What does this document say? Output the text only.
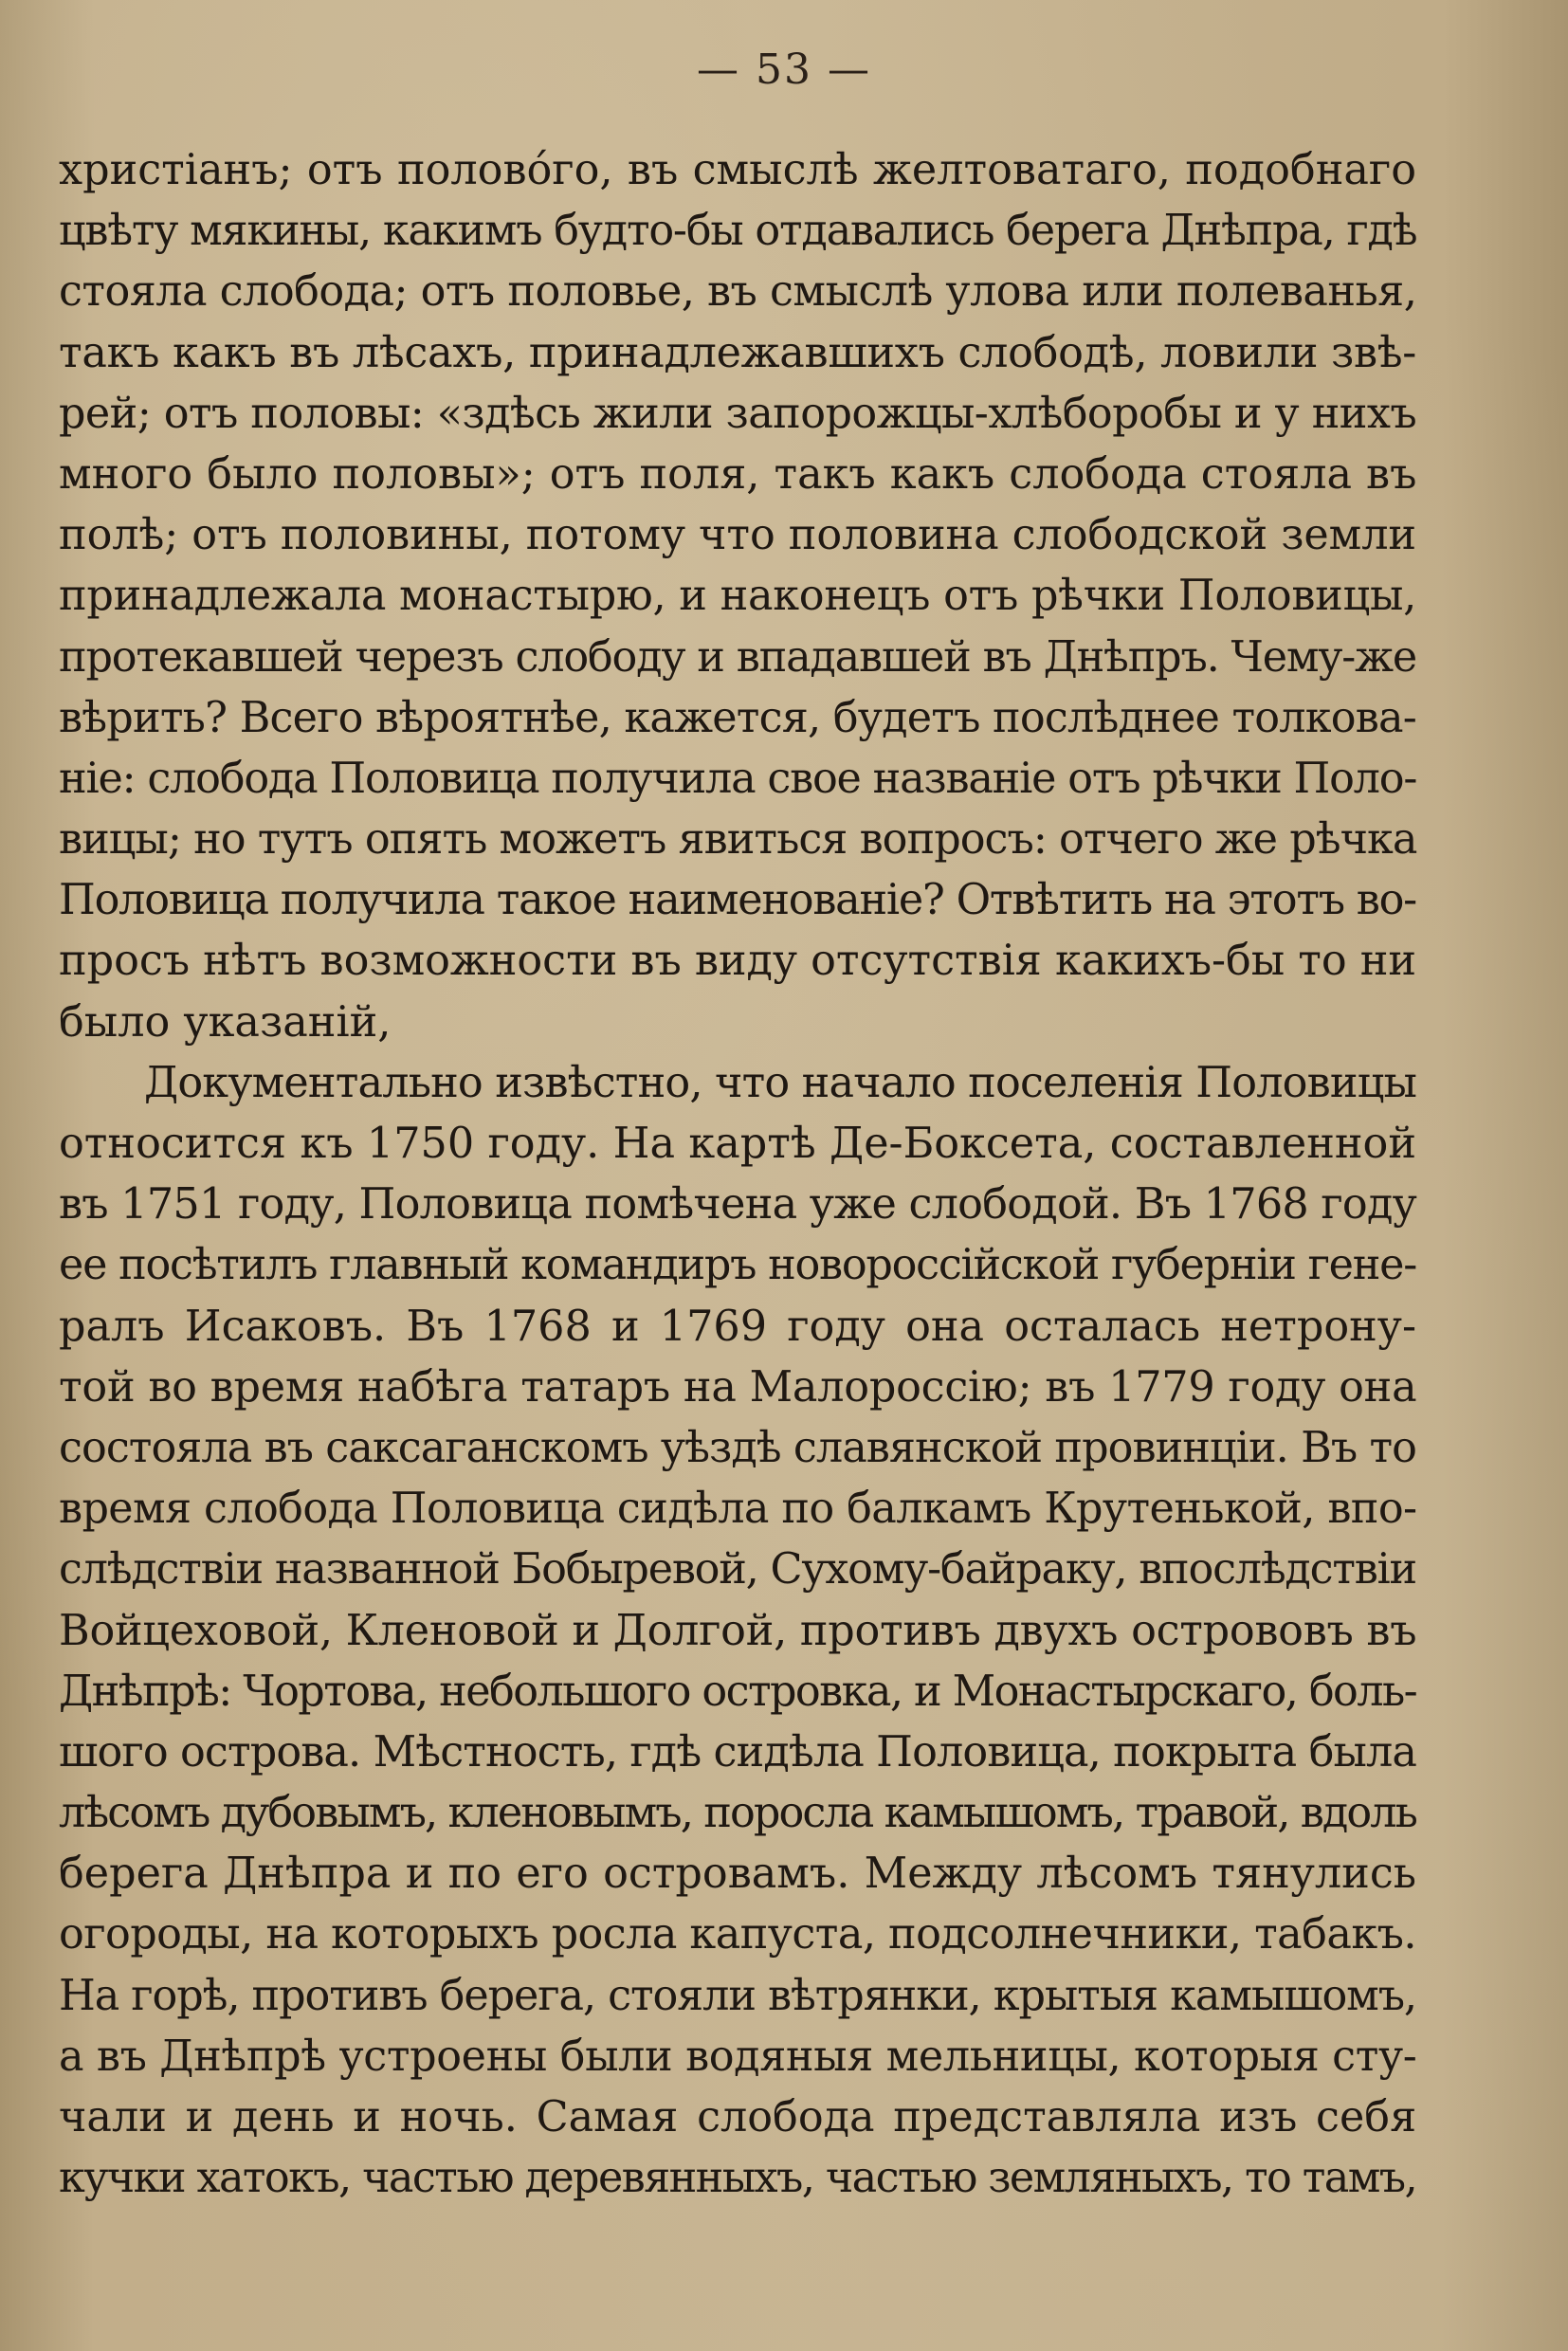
— 53 —
христіанъ; отъ половóго, въ смыслѣ желтоватаго, подобнаго
цвѣту мякины, какимъ будто-бы отдавались берега Днѣпра, гдѣ
стояла слобода; отъ половье, въ смыслѣ улова или полеванья,
такъ какъ въ лѣсахъ, принадлежавшихъ слободѣ, ловили звѣ-
рей; отъ половы: «здѣсь жили запорожцы-хлѣборобы и у нихъ
много было половы»; отъ поля, такъ какъ слобода стояла въ
полѣ; отъ половины, потому что половина слободской земли
принадлежала монастырю, и наконецъ отъ рѣчки Половицы,
протекавшей черезъ слободу и впадавшей въ Днѣпръ. Чему-же
вѣрить? Всего вѣроятнѣе, кажется, будетъ послѣднее толкова-
ніе: слобода Половица получила свое названіе отъ рѣчки Поло-
вицы; но тутъ опять можетъ явиться вопросъ: отчего же рѣчка
Половица получила такое наименованіе? Отвѣтить на этотъ во-
просъ нѣтъ возможности въ виду отсутствія какихъ-бы то ни
было указаній,
Документально извѣстно, что начало поселенія Половицы
относится къ 1750 году. На картѣ Де-Боксета, составленной
въ 1751 году, Половица помѣчена уже слободой. Въ 1768 году
ее посѣтилъ главный командиръ новороссійской губерніи гене-
ралъ Исаковъ. Въ 1768 и 1769 году она осталась нетрону-
той во время набѣга татаръ на Малороссію; въ 1779 году она
состояла въ саксаганскомъ уѣздѣ славянской провинціи. Въ то
время слобода Половица сидѣла по балкамъ Крутенькой, впо-
слѣдствіи названной Бобыревой, Сухому-байраку, впослѣдствіи
Войцеховой, Кленовой и Долгой, противъ двухъ острововъ въ
Днѣпрѣ: Чортова, небольшого островка, и Монастырскаго, боль-
шого острова. Мѣстность, гдѣ сидѣла Половица, покрыта была
лѣсомъ дубовымъ, кленовымъ, поросла камышомъ, травой, вдоль
берега Днѣпра и по его островамъ. Между лѣсомъ тянулись
огороды, на которыхъ росла капуста, подсолнечники, табакъ.
На горѣ, противъ берега, стояли вѣтрянки, крытыя камышомъ,
а въ Днѣпрѣ устроены были водяныя мельницы, которыя сту-
чали и день и ночь. Самая слобода представляла изъ себя
кучки хатокъ, частью деревянныхъ, частью земляныхъ, то тамъ,
